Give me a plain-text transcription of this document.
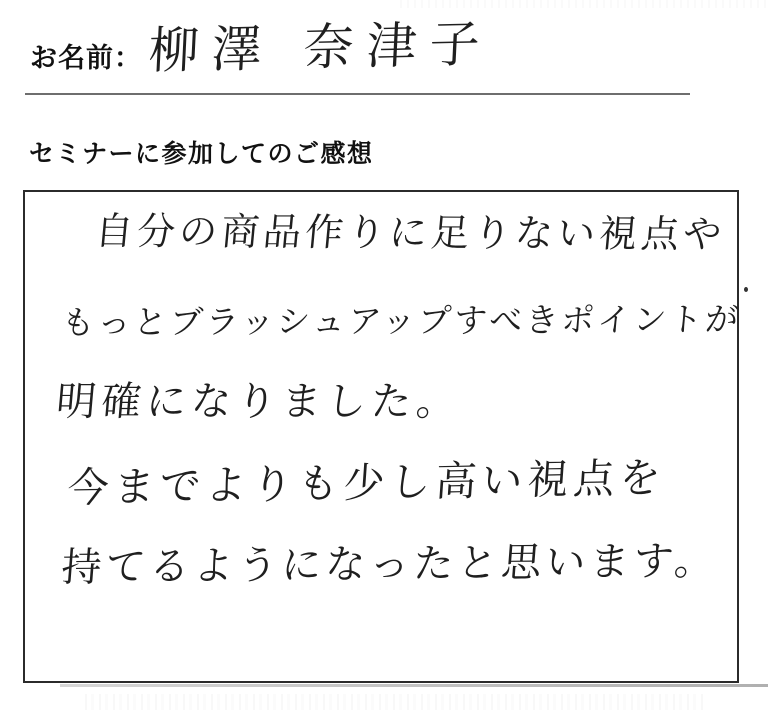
お名前： 柳澤 奈津子
セミナーに参加してのご感想
自分の商品作りに足りない視点や
もっとブラッシュアップすべきポイントが
明確になりました。
今までよりも少し高い視点を
持てるようになったと思います。
